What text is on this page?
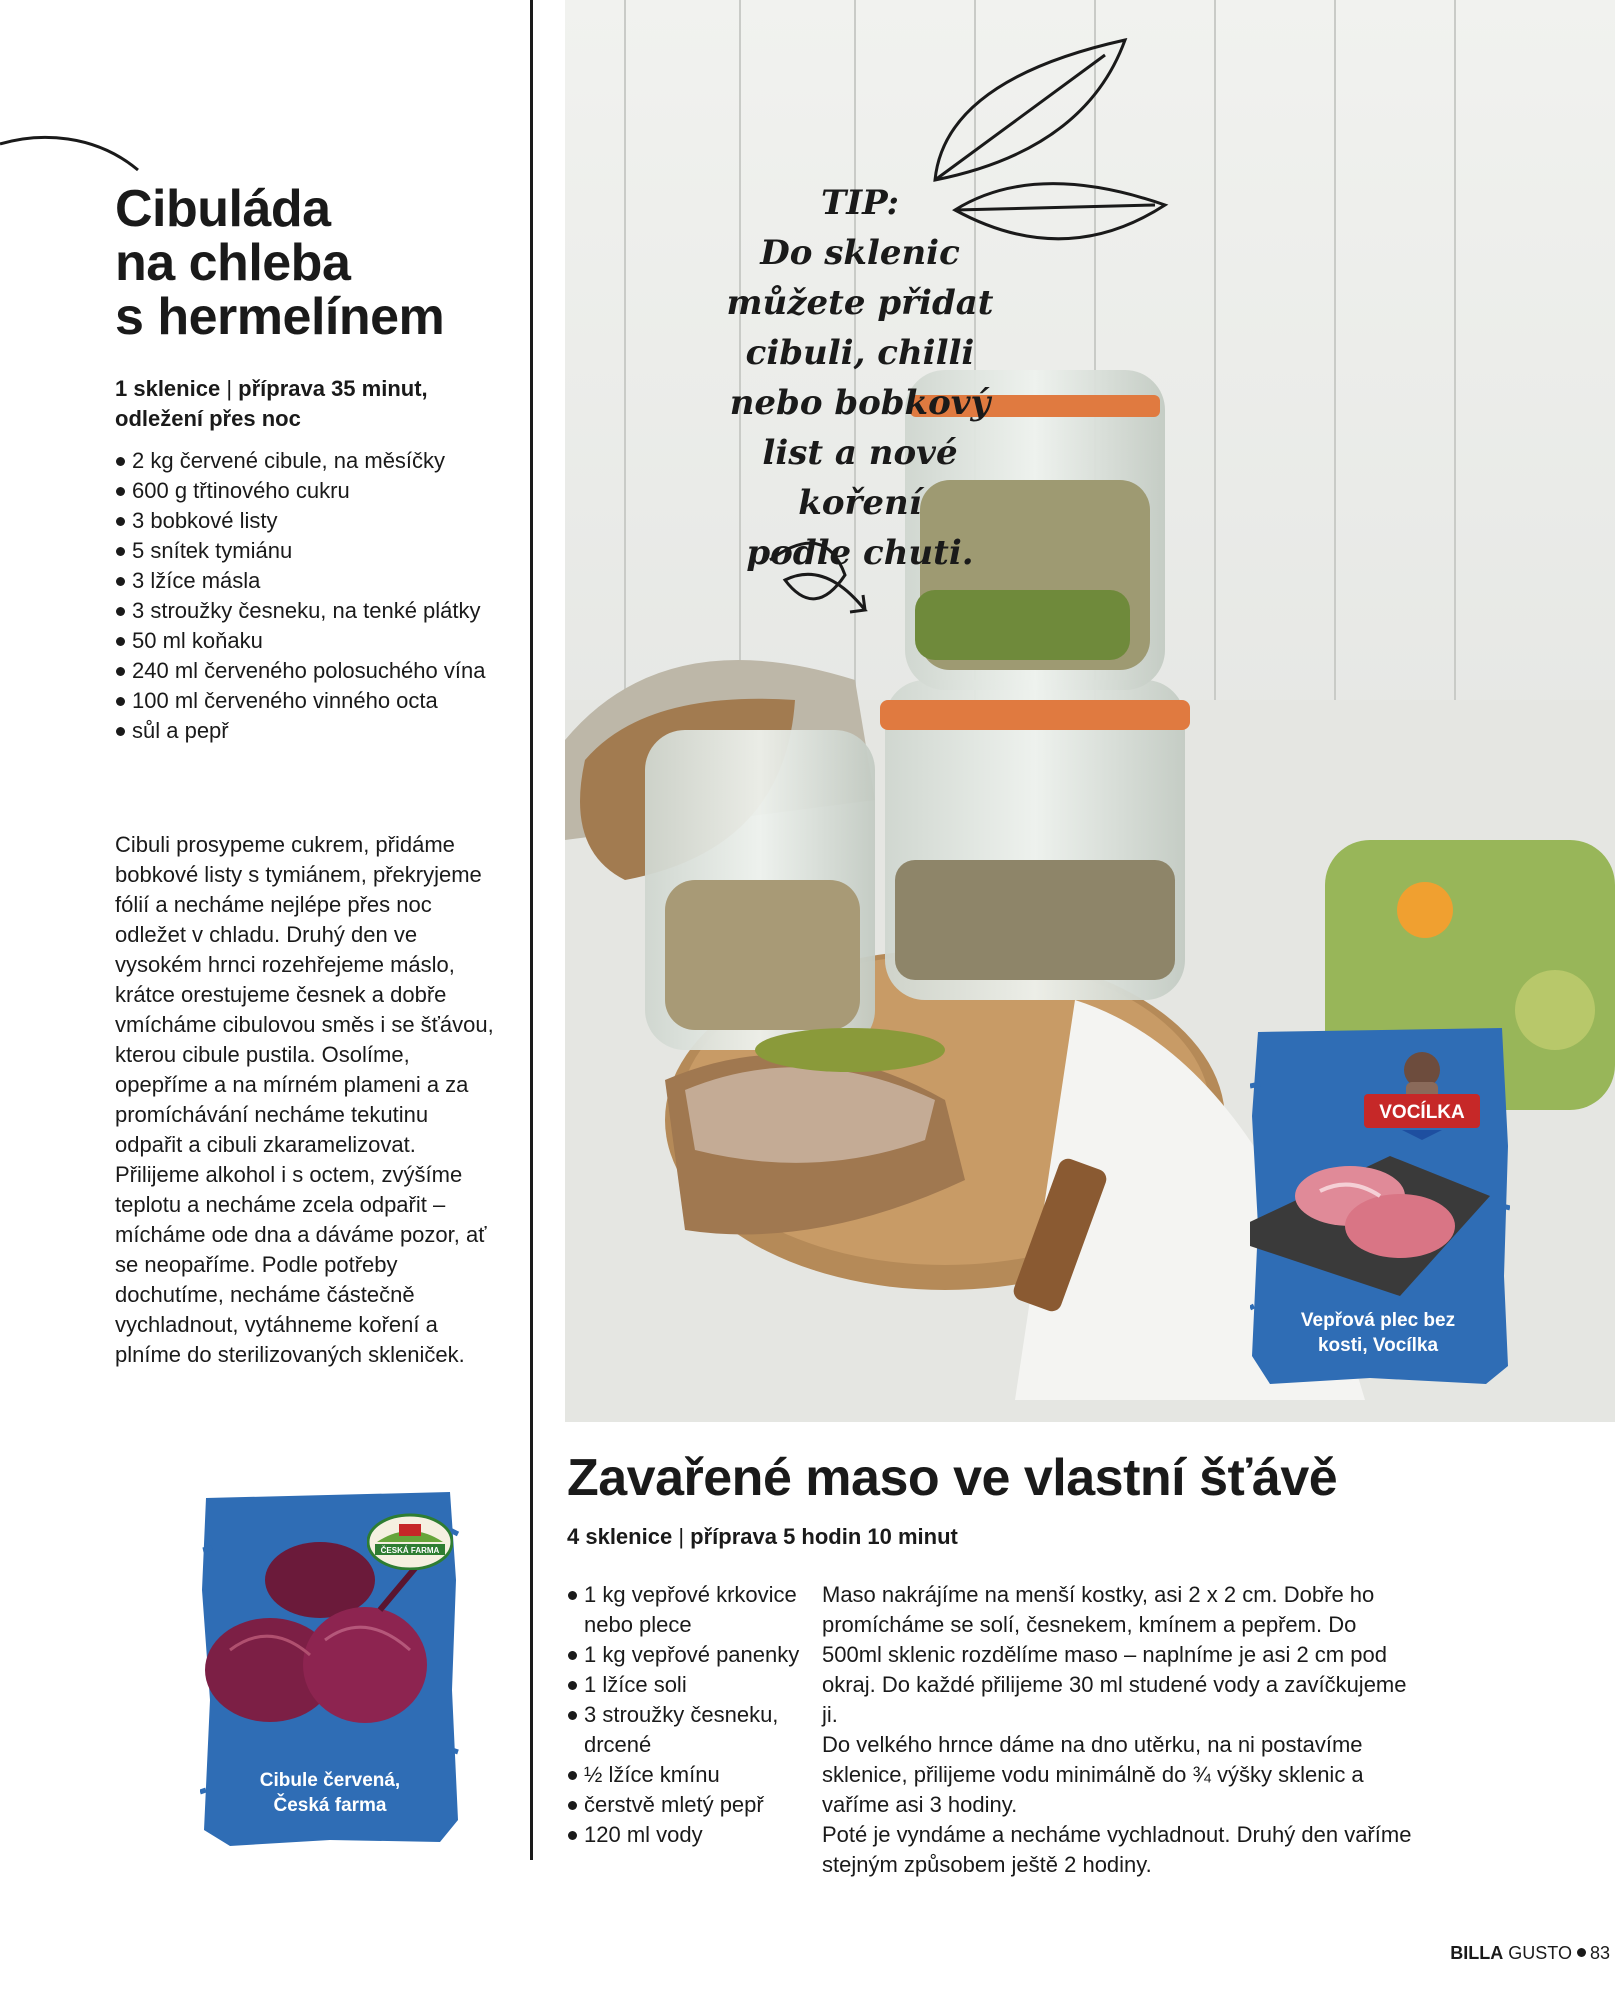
Cibuláda
na chleba
s hermelínem
1 sklenice | příprava 35 minut, odležení přes noc
2 kg červené cibule, na měsíčky
600 g třtinového cukru
3 bobkové listy
5 snítek tymiánu
3 lžíce másla
3 stroužky česneku, na tenké plátky
50 ml koňaku
240 ml červeného polosuchého vína
100 ml červeného vinného octa
sůl a pepř
Cibuli prosypeme cukrem, přidáme bobkové listy s tymiánem, překryjeme fólií a necháme nejlépe přes noc odležet v chladu. Druhý den ve vysokém hrnci rozehřejeme máslo, krátce orestujeme česnek a dobře vmícháme cibulovou směs i se šťávou, kterou cibule pustila. Osolíme, opepříme a na mírném plameni a za promíchávání necháme tekutinu odpařit a cibuli zkaramelizovat. Přilijeme alkohol i s octem, zvýšíme teplotu a necháme zcela odpařit – mícháme ode dna a dáváme pozor, ať se neopaříme. Podle potřeby dochutíme, necháme částečně vychladnout, vytáhneme koření a plníme do sterilizovaných skleniček.
ČESKÁ FARMA
Cibule červená,
Česká farma
TIP:
Do sklenic
můžete přidat
cibuli, chilli
nebo bobkový
list a nové koření
podle chuti.
VOCÍLKA
Vepřová plec bez
kosti, Vocílka
Zavařené maso ve vlastní šťávě
4 sklenice | příprava 5 hodin 10 minut
1 kg vepřové krkovice nebo plece
1 kg vepřové panenky
1 lžíce soli
3 stroužky česneku, drcené
½ lžíce kmínu
čerstvě mletý pepř
120 ml vody
Maso nakrájíme na menší kostky, asi 2 x 2 cm. Dobře ho promícháme se solí, česnekem, kmínem a pepřem. Do 500ml sklenic rozdělíme maso – naplníme je asi 2 cm pod okraj. Do každé přilijeme 30 ml studené vody a zavíčkujeme ji.
Do velkého hrnce dáme na dno utěrku, na ni postavíme sklenice, přilijeme vodu minimálně do ¾ výšky sklenic a vaříme asi 3 hodiny.
Poté je vyndáme a necháme vychladnout. Druhý den vaříme stejným způsobem ještě 2 hodiny.
BILLA GUSTO 83
